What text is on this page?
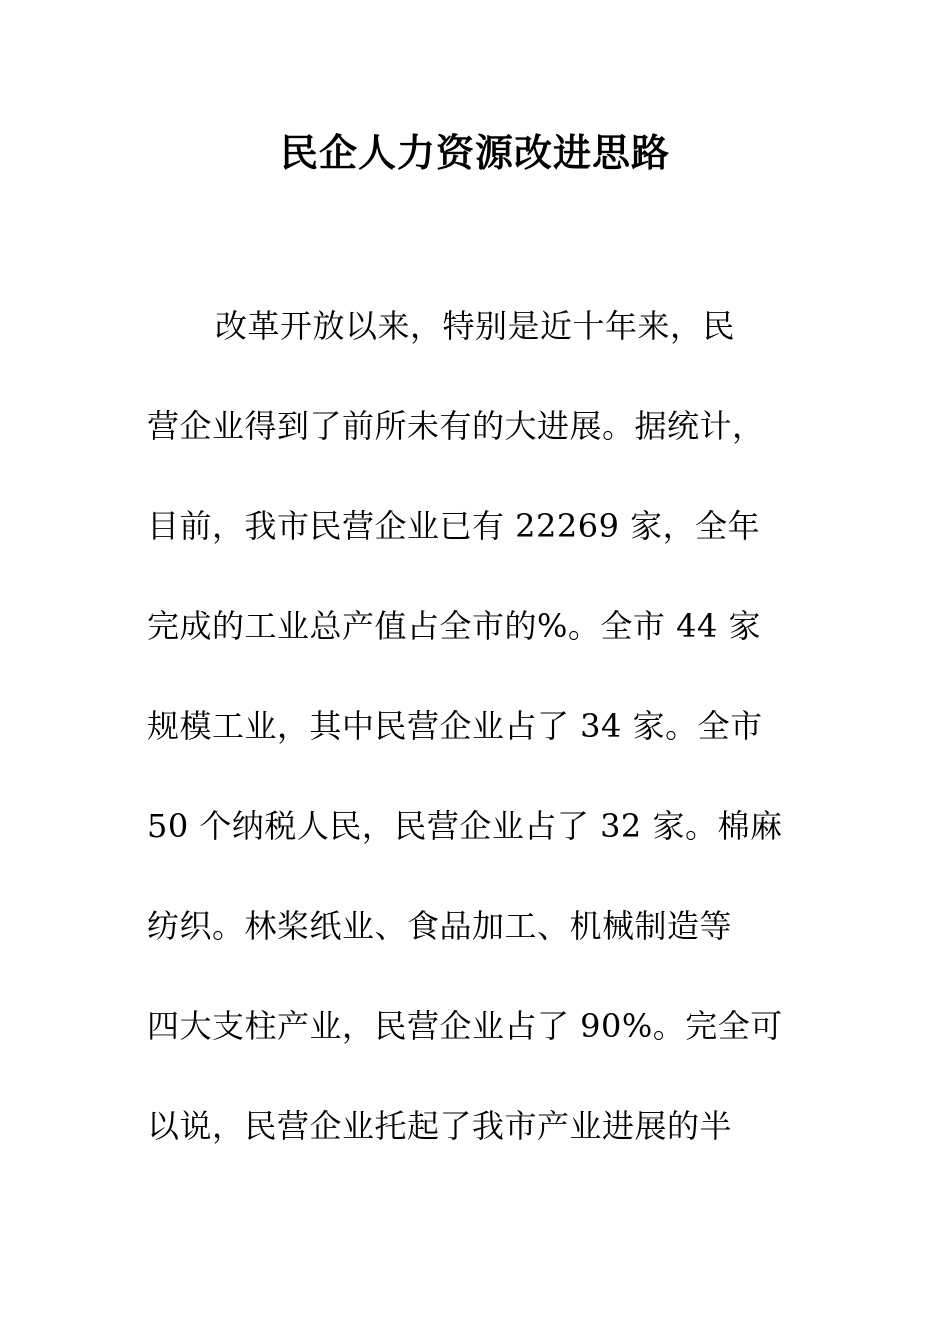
民企人力资源改进思路
改革开放以来，特别是近十年来，民
营企业得到了前所未有的大进展。据统计，
目前，我市民营企业已有 22269 家，全年
完成的工业总产值占全市的%。全市 44 家
规模工业，其中民营企业占了 34 家。全市
50 个纳税人民，民营企业占了 32 家。棉麻
纺织。林桨纸业、食品加工、机械制造等
四大支柱产业，民营企业占了 90%。完全可
以说，民营企业托起了我市产业进展的半
